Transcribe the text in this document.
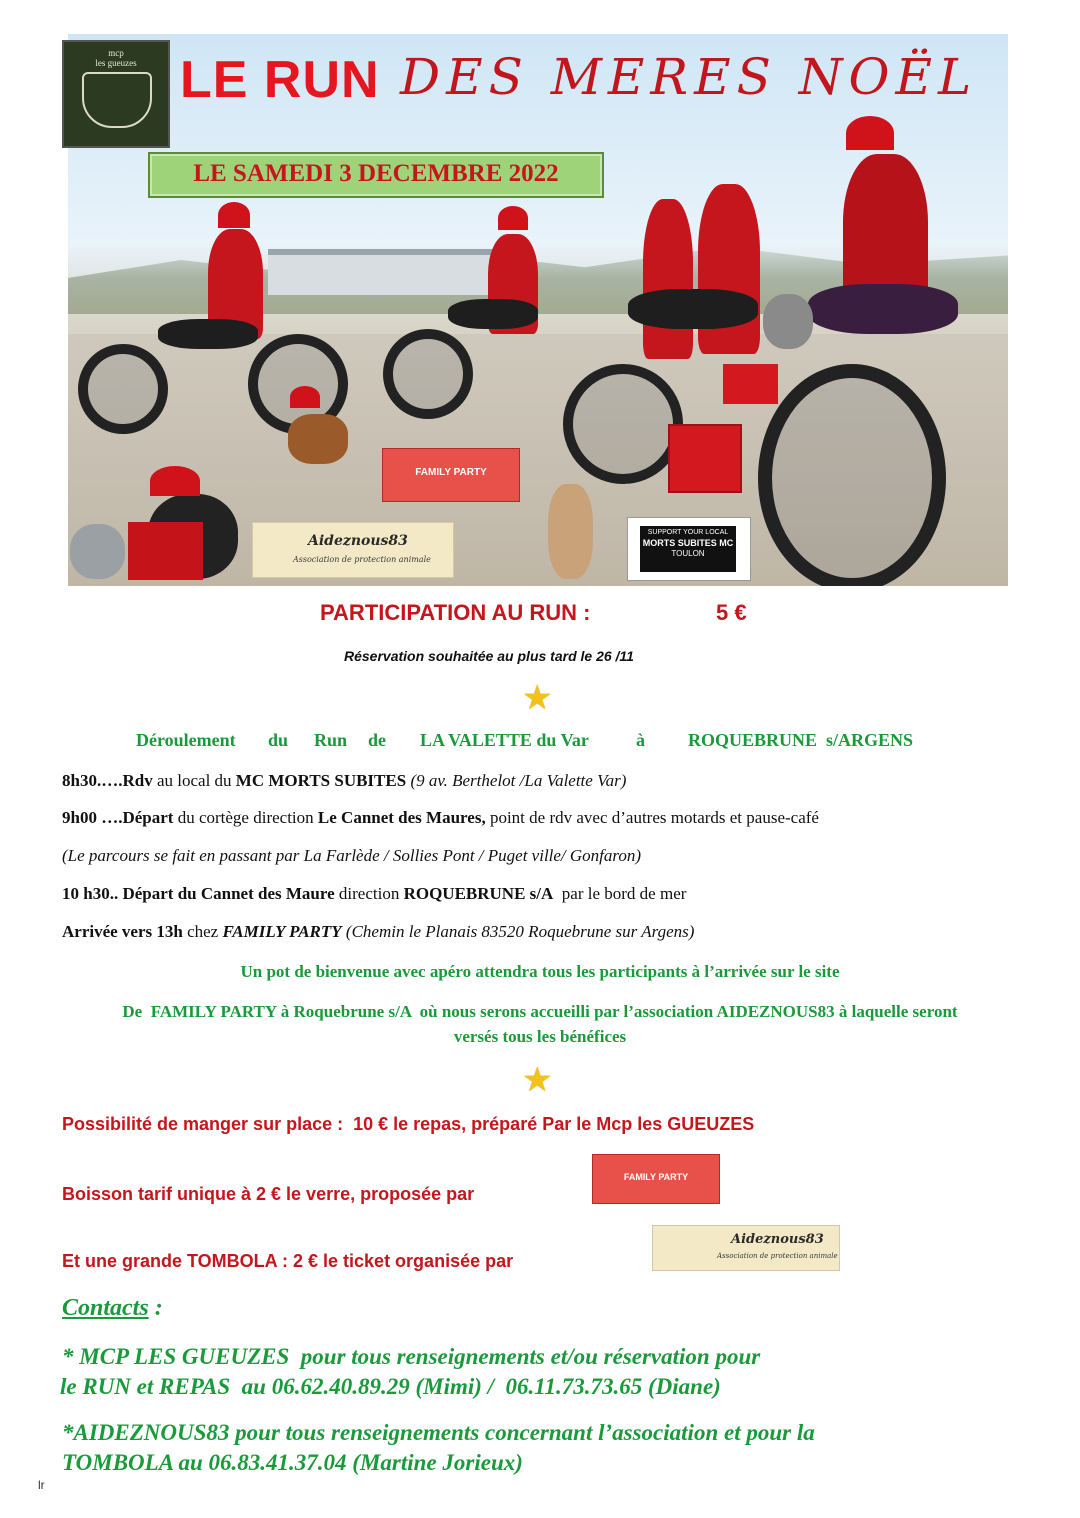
mcp
les gueuzes LE RUN DES MERES NOËL
LE SAMEDI 3 DECEMBRE 2022
FAMILY PARTY
Aideznous83
Association de protection animale
SUPPORT YOUR LOCAL
MORTS SUBITES MC
TOULON
PARTICIPATION AU RUN :	5 €
Réservation souhaitée au plus tard le 26 /11
★
Déroulement du Run de LA VALETTE du Var	à ROQUEBRUNE  s/ARGENS
8h30.….Rdv au local du MC MORTS SUBITES (9 av. Berthelot /La Valette Var)
9h00 ….Départ du cortège direction Le Cannet des Maures, point de rdv avec d’autres motards et pause-café
(Le parcours se fait en passant par La Farlède / Sollies Pont / Puget ville/ Gonfaron)
10 h30.. Départ du Cannet des Maure direction ROQUEBRUNE s/A  par le bord de mer
Arrivée vers 13h chez FAMILY PARTY (Chemin le Planais 83520 Roquebrune sur Argens)
Un pot de bienvenue avec apéro attendra tous les participants à l’arrivée sur le site
De  FAMILY PARTY à Roquebrune s/A  où nous serons accueilli par l’association AIDEZNOUS83 à laquelle seront
versés tous les bénéfices
★
Possibilité de manger sur place :  10 € le repas, préparé Par le Mcp les GUEUZES
Boisson tarif unique à 2 € le verre, proposée par
FAMILY PARTY
Et une grande TOMBOLA : 2 € le ticket organisée par
Aideznous83
Association de protection animale
Contacts :
* MCP LES GUEUZES  pour tous renseignements et/ou réservation pour
le RUN et REPAS  au 06.62.40.89.29 (Mimi) /  06.11.73.73.65 (Diane)
*AIDEZNOUS83 pour tous renseignements concernant l’association et pour la
TOMBOLA au 06.83.41.37.04 (Martine Jorieux)
lr
